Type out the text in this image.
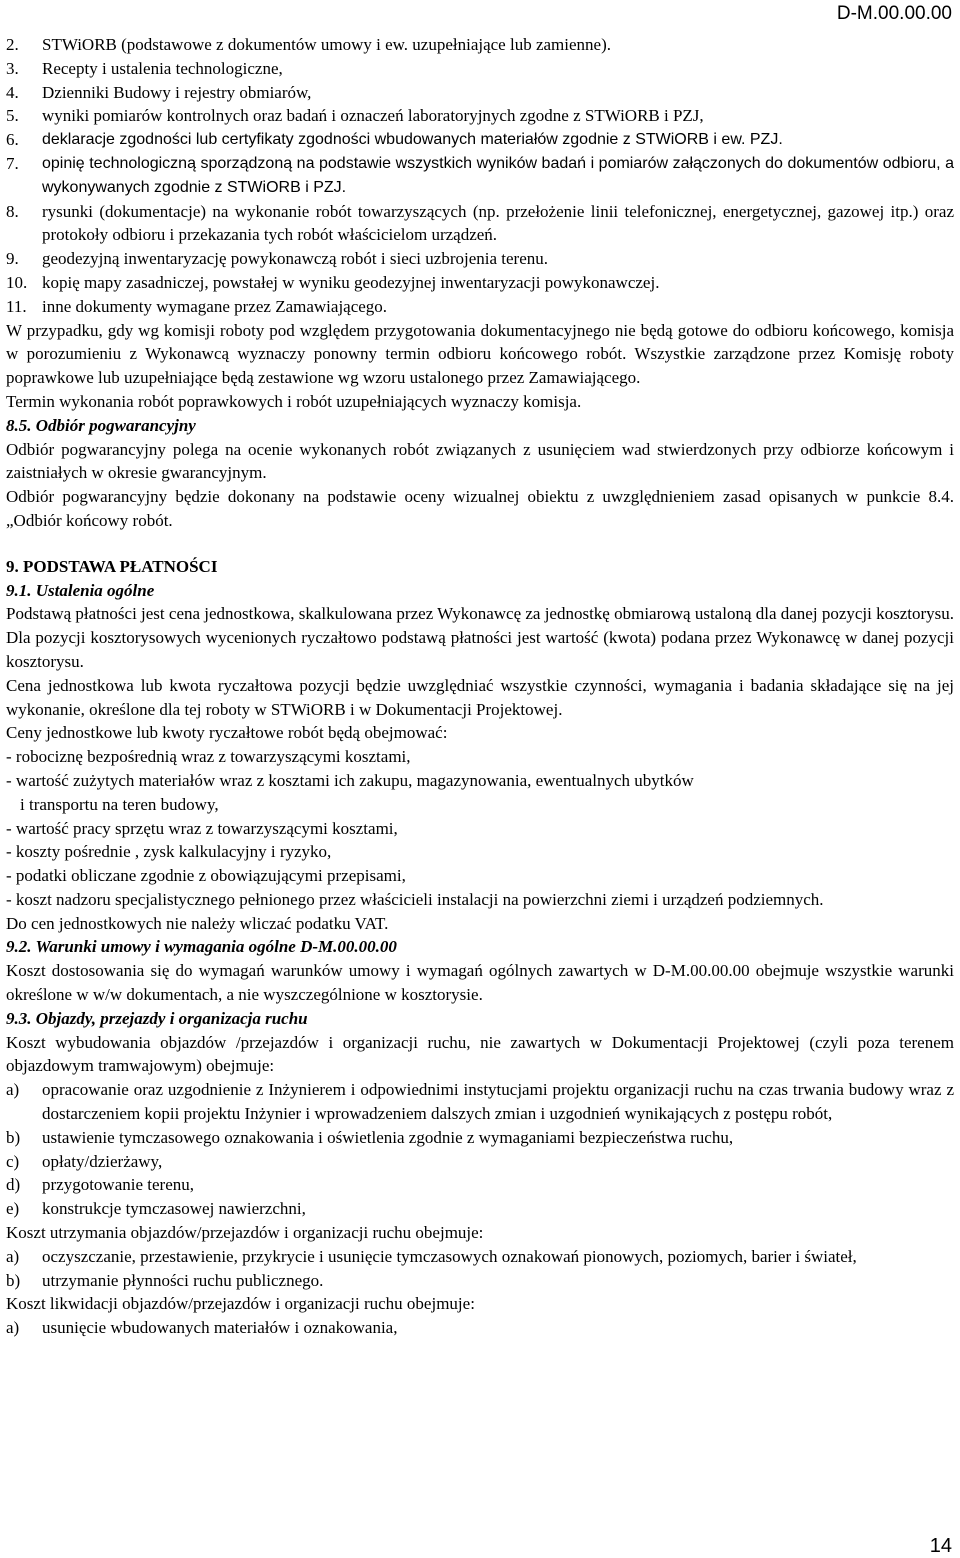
D-M.00.00.00
2.	STWiORB (podstawowe z dokumentów umowy i ew. uzupełniające lub zamienne).
3.	Recepty i ustalenia technologiczne,
4.	Dzienniki Budowy i rejestry obmiarów,
5.	wyniki pomiarów kontrolnych oraz badań i oznaczeń laboratoryjnych zgodne z STWiORB i PZJ,
6.	deklaracje zgodności lub certyfikaty zgodności wbudowanych materiałów zgodnie z STWiORB i ew. PZJ.
7.	opinię technologiczną sporządzoną na podstawie wszystkich wyników badań i pomiarów załączonych do dokumentów odbioru, a wykonywanych zgodnie z STWiORB i PZJ.
8.	rysunki (dokumentacje) na wykonanie robót towarzyszących (np. przełożenie linii telefonicznej, energetycznej, gazowej itp.) oraz protokoły odbioru i przekazania tych robót właścicielom urządzeń.
9.	geodezyjną inwentaryzację powykonawczą robót i sieci uzbrojenia terenu.
10. kopię mapy zasadniczej, powstałej w wyniku geodezyjnej inwentaryzacji powykonawczej.
11. inne dokumenty wymagane przez Zamawiającego.

W przypadku, gdy wg komisji roboty pod względem przygotowania dokumentacyjnego nie będą gotowe do odbioru końcowego, komisja w porozumieniu z Wykonawcą wyznaczy ponowny termin odbioru końcowego robót. Wszystkie zarządzone przez Komisję roboty poprawkowe lub uzupełniające będą zestawione wg wzoru ustalonego przez Zamawiającego.

Termin wykonania robót poprawkowych i robót uzupełniających wyznaczy komisja.

8.5. Odbiór pogwarancyjny

Odbiór pogwarancyjny polega na ocenie wykonanych robót związanych z usunięciem wad stwierdzonych przy odbiorze końcowym i zaistniałych w okresie gwarancyjnym.

Odbiór pogwarancyjny będzie dokonany na podstawie oceny wizualnej obiektu z uwzględnieniem zasad opisanych w punkcie 8.4. „Odbiór końcowy robót.

9. PODSTAWA PŁATNOŚCI

9.1. Ustalenia ogólne

Podstawą płatności jest cena jednostkowa, skalkulowana przez Wykonawcę za jednostkę obmiarową ustaloną dla danej pozycji kosztorysu.

Dla pozycji kosztorysowych wycenionych ryczałtowo podstawą płatności jest wartość (kwota) podana przez Wykonawcę w danej pozycji kosztorysu.

Cena jednostkowa lub kwota ryczałtowa pozycji będzie uwzględniać wszystkie czynności, wymagania i badania składające się na jej wykonanie, określone dla tej roboty w STWiORB i w Dokumentacji Projektowej.

Ceny jednostkowe lub kwoty ryczałtowe robót będą obejmować:

- robociznę bezpośrednią wraz z towarzyszącymi kosztami,

- wartość zużytych materiałów wraz z kosztami ich zakupu, magazynowania, ewentualnych ubytków

i transportu na teren budowy,

- wartość pracy sprzętu wraz z towarzyszącymi kosztami,

- koszty pośrednie , zysk kalkulacyjny i ryzyko,

- podatki obliczane zgodnie z obowiązującymi przepisami,

- koszt nadzoru specjalistycznego pełnionego przez właścicieli instalacji na powierzchni ziemi i urządzeń podziemnych.

Do cen jednostkowych nie należy wliczać podatku VAT.

9.2. Warunki umowy i wymagania ogólne D-M.00.00.00

Koszt dostosowania się do wymagań warunków umowy i wymagań ogólnych zawartych w D-M.00.00.00 obejmuje wszystkie warunki określone w w/w dokumentach, a nie wyszczególnione w kosztorysie.

9.3. Objazdy, przejazdy i organizacja ruchu

Koszt wybudowania objazdów /przejazdów i organizacji ruchu, nie zawartych w Dokumentacji Projektowej (czyli poza terenem objazdowym tramwajowym) obejmuje:

a)	opracowanie oraz uzgodnienie z Inżynierem i odpowiednimi instytucjami projektu organizacji ruchu na czas trwania budowy wraz z dostarczeniem kopii projektu Inżynier i wprowadzeniem dalszych zmian i uzgodnień wynikających z postępu robót,
b)	ustawienie tymczasowego oznakowania i oświetlenia zgodnie z wymaganiami bezpieczeństwa ruchu,
c)	opłaty/dzierżawy,
d)	przygotowanie terenu,
e)	konstrukcje tymczasowej nawierzchni,

Koszt utrzymania objazdów/przejazdów i organizacji ruchu obejmuje:

a)	oczyszczanie, przestawienie, przykrycie i usunięcie tymczasowych oznakowań pionowych, poziomych, barier i świateł,
b)	utrzymanie płynności ruchu publicznego.

Koszt likwidacji objazdów/przejazdów i organizacji ruchu obejmuje:

a)	usunięcie wbudowanych materiałów i oznakowania,
14
